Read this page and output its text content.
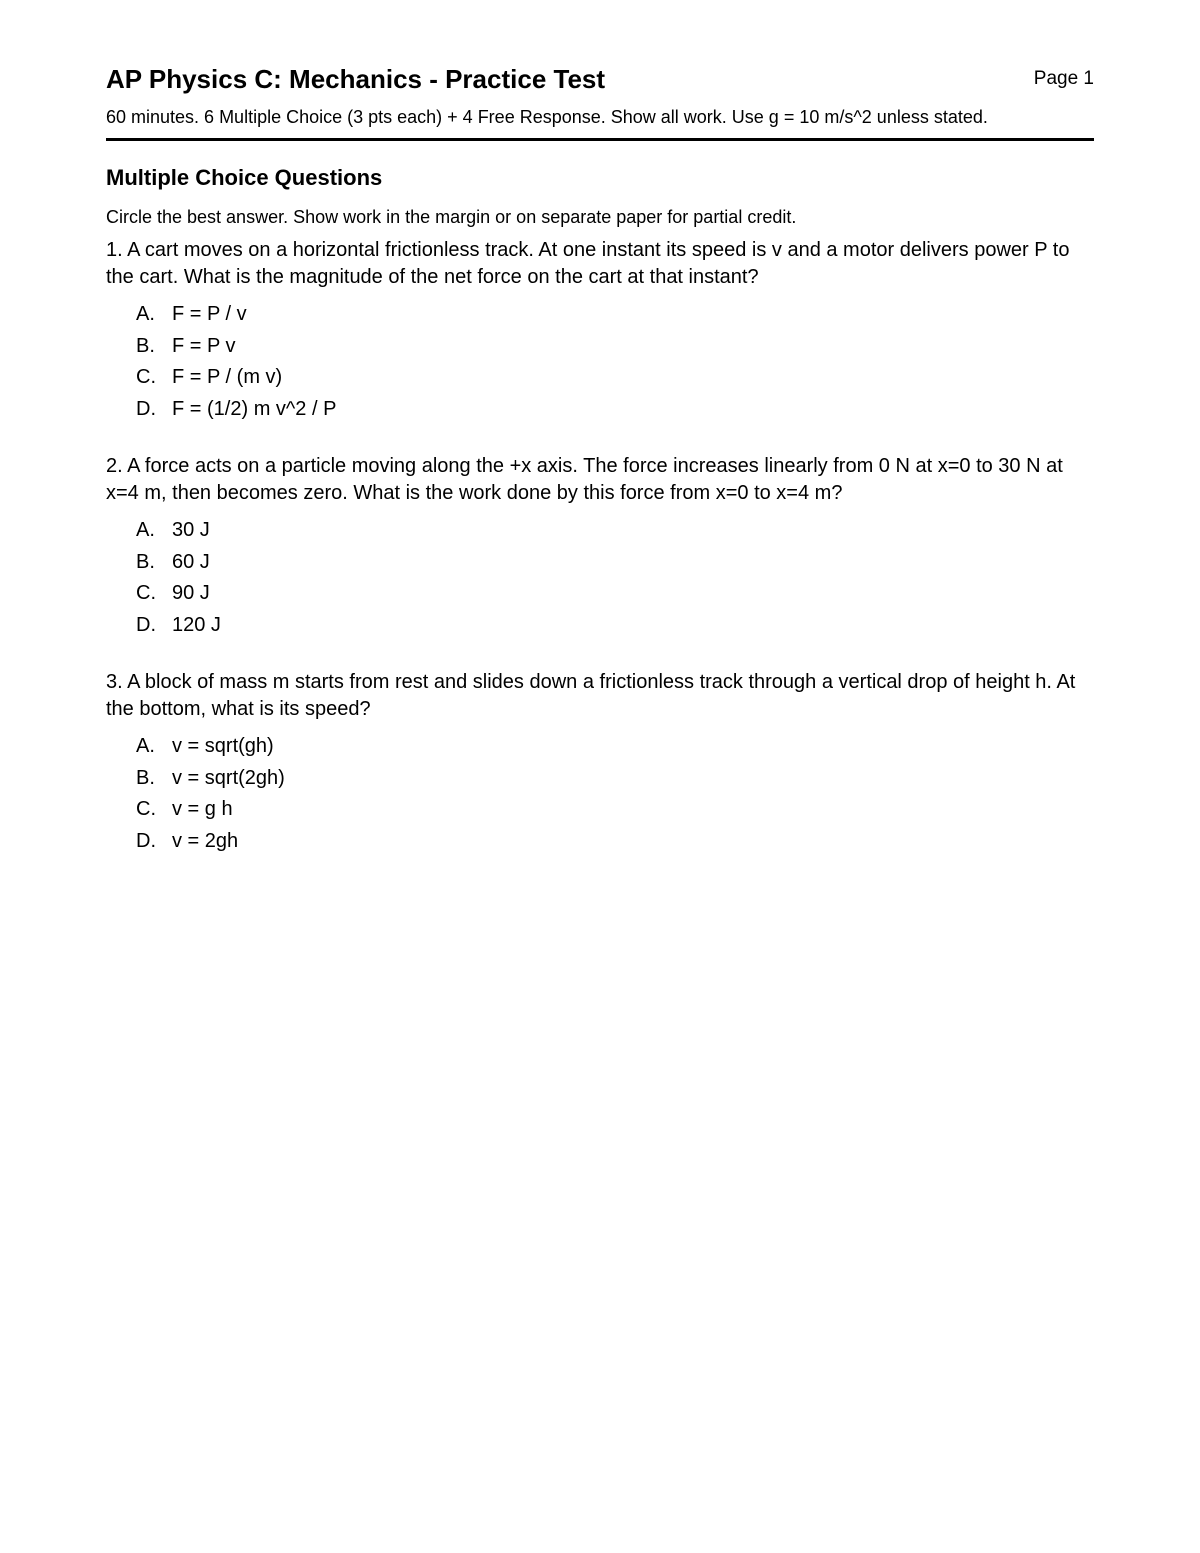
AP Physics C: Mechanics - Practice Test	Page 1
60 minutes. 6 Multiple Choice (3 pts each) + 4 Free Response. Show all work. Use g = 10 m/s^2 unless stated.
Multiple Choice Questions
Circle the best answer. Show work in the margin or on separate paper for partial credit.

1. A cart moves on a horizontal frictionless track. At one instant its speed is v and a motor delivers power P to the cart. What is the magnitude of the net force on the cart at that instant?

A. F = P / v
B. F = P v
C. F = P / (m v)
D. F = (1/2) m v^2 / P

2. A force acts on a particle moving along the +x axis. The force increases linearly from 0 N at x=0 to 30 N at x=4 m, then becomes zero. What is the work done by this force from x=0 to x=4 m?

A. 30 J
B. 60 J
C. 90 J
D. 120 J

3. A block of mass m starts from rest and slides down a frictionless track through a vertical drop of height h. At the bottom, what is its speed?

A. v = sqrt(gh)
B. v = sqrt(2gh)
C. v = g h
D. v = 2gh
